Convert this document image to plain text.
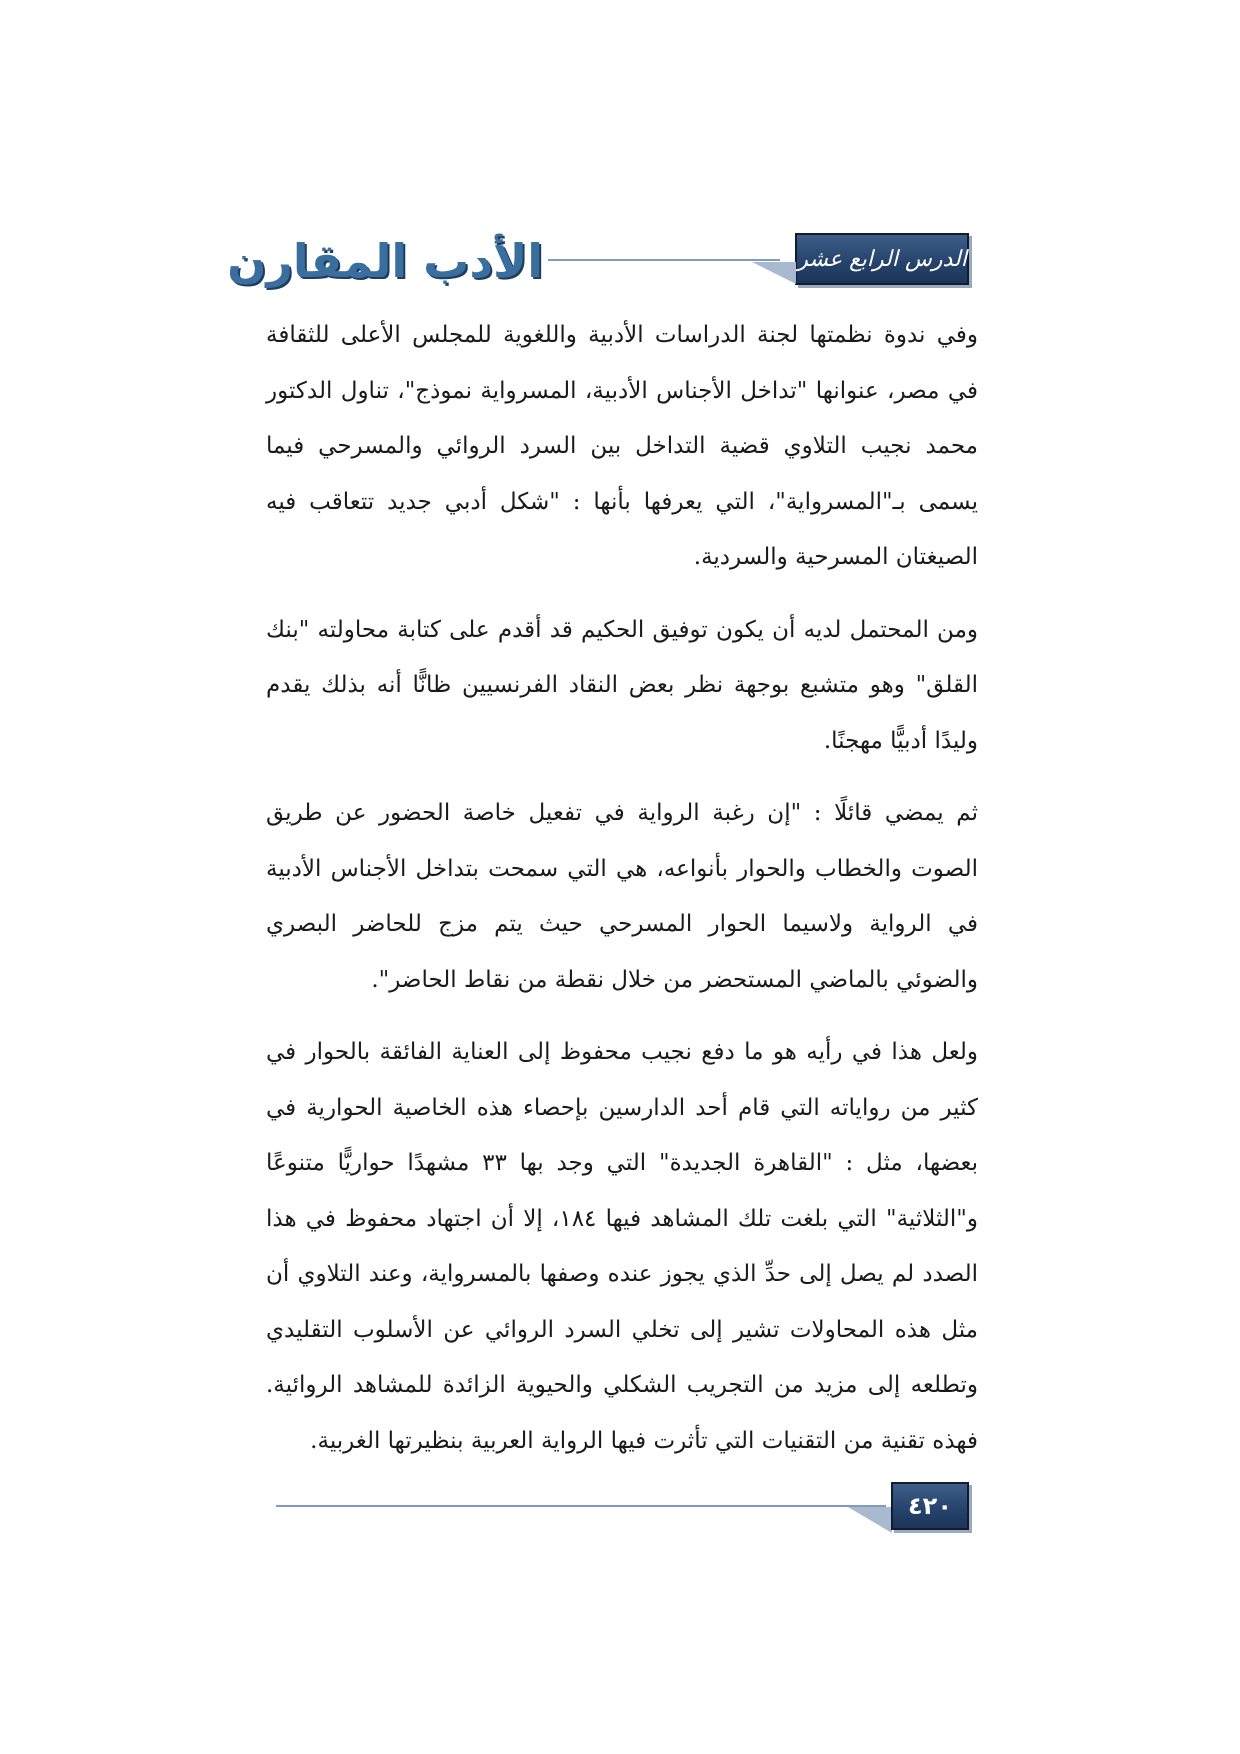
الدرس الرابع عشر
الأدب المقارن

وفي ندوة نظمتها لجنة الدراسات الأدبية واللغوية للمجلس الأعلى للثقافة في مصر، عنوانها "تداخل الأجناس الأدبية، المسرواية نموذج"، تناول الدكتور محمد نجيب التلاوي قضية التداخل بين السرد الروائي والمسرحي فيما يسمى بـ"المسرواية"، التي يعرفها بأنها : "شكل أدبي جديد تتعاقب فيه الصيغتان المسرحية والسردية.

ومن المحتمل لديه أن يكون توفيق الحكيم قد أقدم على كتابة محاولته "بنك القلق" وهو متشبع بوجهة نظر بعض النقاد الفرنسيين ظانًّا أنه بذلك يقدم وليدًا أدبيًّا مهجنًا.

ثم يمضي قائلًا : "إن رغبة الرواية في تفعيل خاصة الحضور عن طريق الصوت والخطاب والحوار بأنواعه، هي التي سمحت بتداخل الأجناس الأدبية في الرواية ولاسيما الحوار المسرحي حيث يتم مزج للحاضر البصري والضوئي بالماضي المستحضر من خلال نقطة من نقاط الحاضر".

ولعل هذا في رأيه هو ما دفع نجيب محفوظ إلى العناية الفائقة بالحوار في كثير من رواياته التي قام أحد الدارسين بإحصاء هذه الخاصية الحوارية في بعضها، مثل : "القاهرة الجديدة" التي وجد بها ٣٣ مشهدًا حواريًّا متنوعًا و"الثلاثية" التي بلغت تلك المشاهد فيها ١٨٤، إلا أن اجتهاد محفوظ في هذا الصدد لم يصل إلى حدِّ الذي يجوز عنده وصفها بالمسرواية، وعند التلاوي أن مثل هذه المحاولات تشير إلى تخلي السرد الروائي عن الأسلوب التقليدي وتطلعه إلى مزيد من التجريب الشكلي والحيوية الزائدة للمشاهد الروائية. فهذه تقنية من التقنيات التي تأثرت فيها الرواية العربية بنظيرتها الغربية.

٤٢٠
